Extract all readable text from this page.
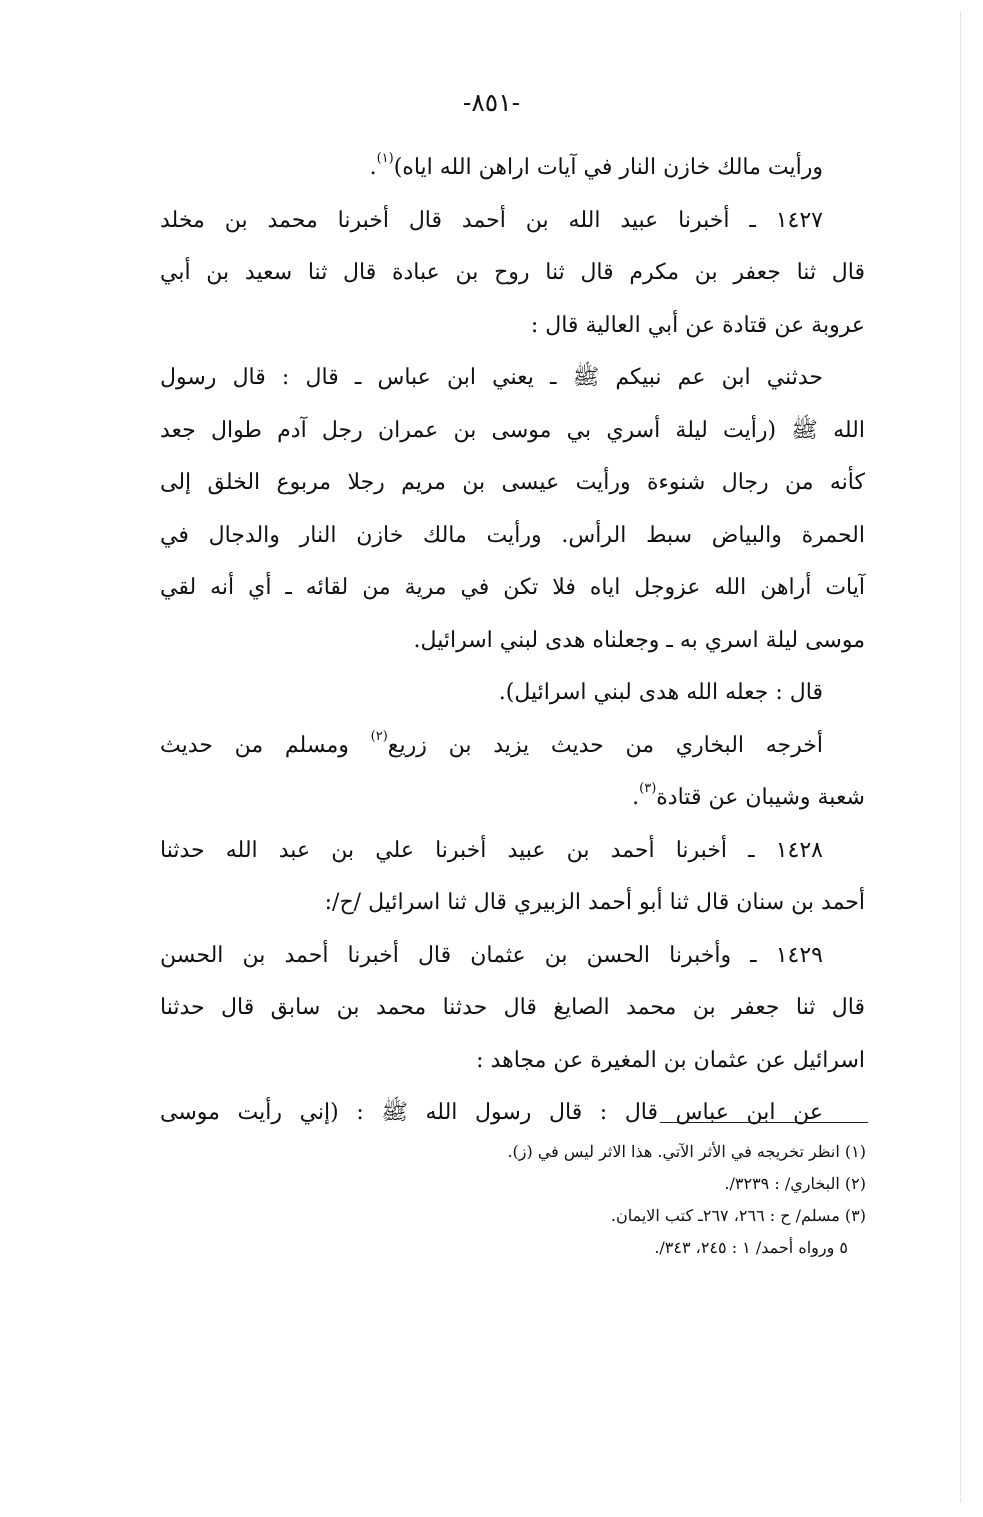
-٨٥١-

ورأيت مالك خازن النار في آيات اراهن الله اياه)$^{(١)}$.

١٤٢٧ ـ أخبرنا عبيد الله بن أحمد قال أخبرنا محمد بن مخلد

قال ثنا جعفر بن مكرم قال ثنا روح بن عبادة قال ثنا سعيد بن أبي

عروبة عن قتادة عن أبي العالية قال :

حدثني ابن عم نبيكم ﷺ ـ يعني ابن عباس ـ قال : قال رسول

الله ﷺ (رأيت ليلة أسري بي موسى بن عمران رجل آدم طوال جعد

كأنه من رجال شنوءة ورأيت عيسى بن مريم رجلا مربوع الخلق إلى

الحمرة والبياض سبط الرأس. ورأيت مالك خازن النار والدجال في

آيات أراهن الله عزوجل اياه فلا تكن في مرية من لقائه ـ أي أنه لقي

موسى ليلة اسري به ـ وجعلناه هدى لبني اسرائيل.

قال : جعله الله هدى لبني اسرائيل).

أخرجه البخاري من حديث يزيد بن زريع$^{(٢)}$ ومسلم من حديث

شعبة وشيبان عن قتادة$^{(٣)}$.

١٤٢٨ ـ أخبرنا أحمد بن عبيد أخبرنا علي بن عبد الله حدثنا

أحمد بن سنان قال ثنا أبو أحمد الزبيري قال ثنا اسرائيل /ح/:

١٤٢٩ ـ وأخبرنا الحسن بن عثمان قال أخبرنا أحمد بن الحسن

قال ثنا جعفر بن محمد الصايغ قال حدثنا محمد بن سابق قال حدثنا

اسرائيل عن عثمان بن المغيرة عن مجاهد :

عن ابن عباس قال : قال رسول الله ﷺ : (إني رأيت موسى

(١) انظر تخريجه في الأثر الآتي. هذا الاثر ليس في (ز).

(٢) البخاري/ : ٣٢٣٩/.

(٣) مسلم/ ح : ٢٦٦، ٢٦٧ـ كتب الايمان.

٥ ورواه أحمد/ ١ : ٢٤٥، ٣٤٣/.
